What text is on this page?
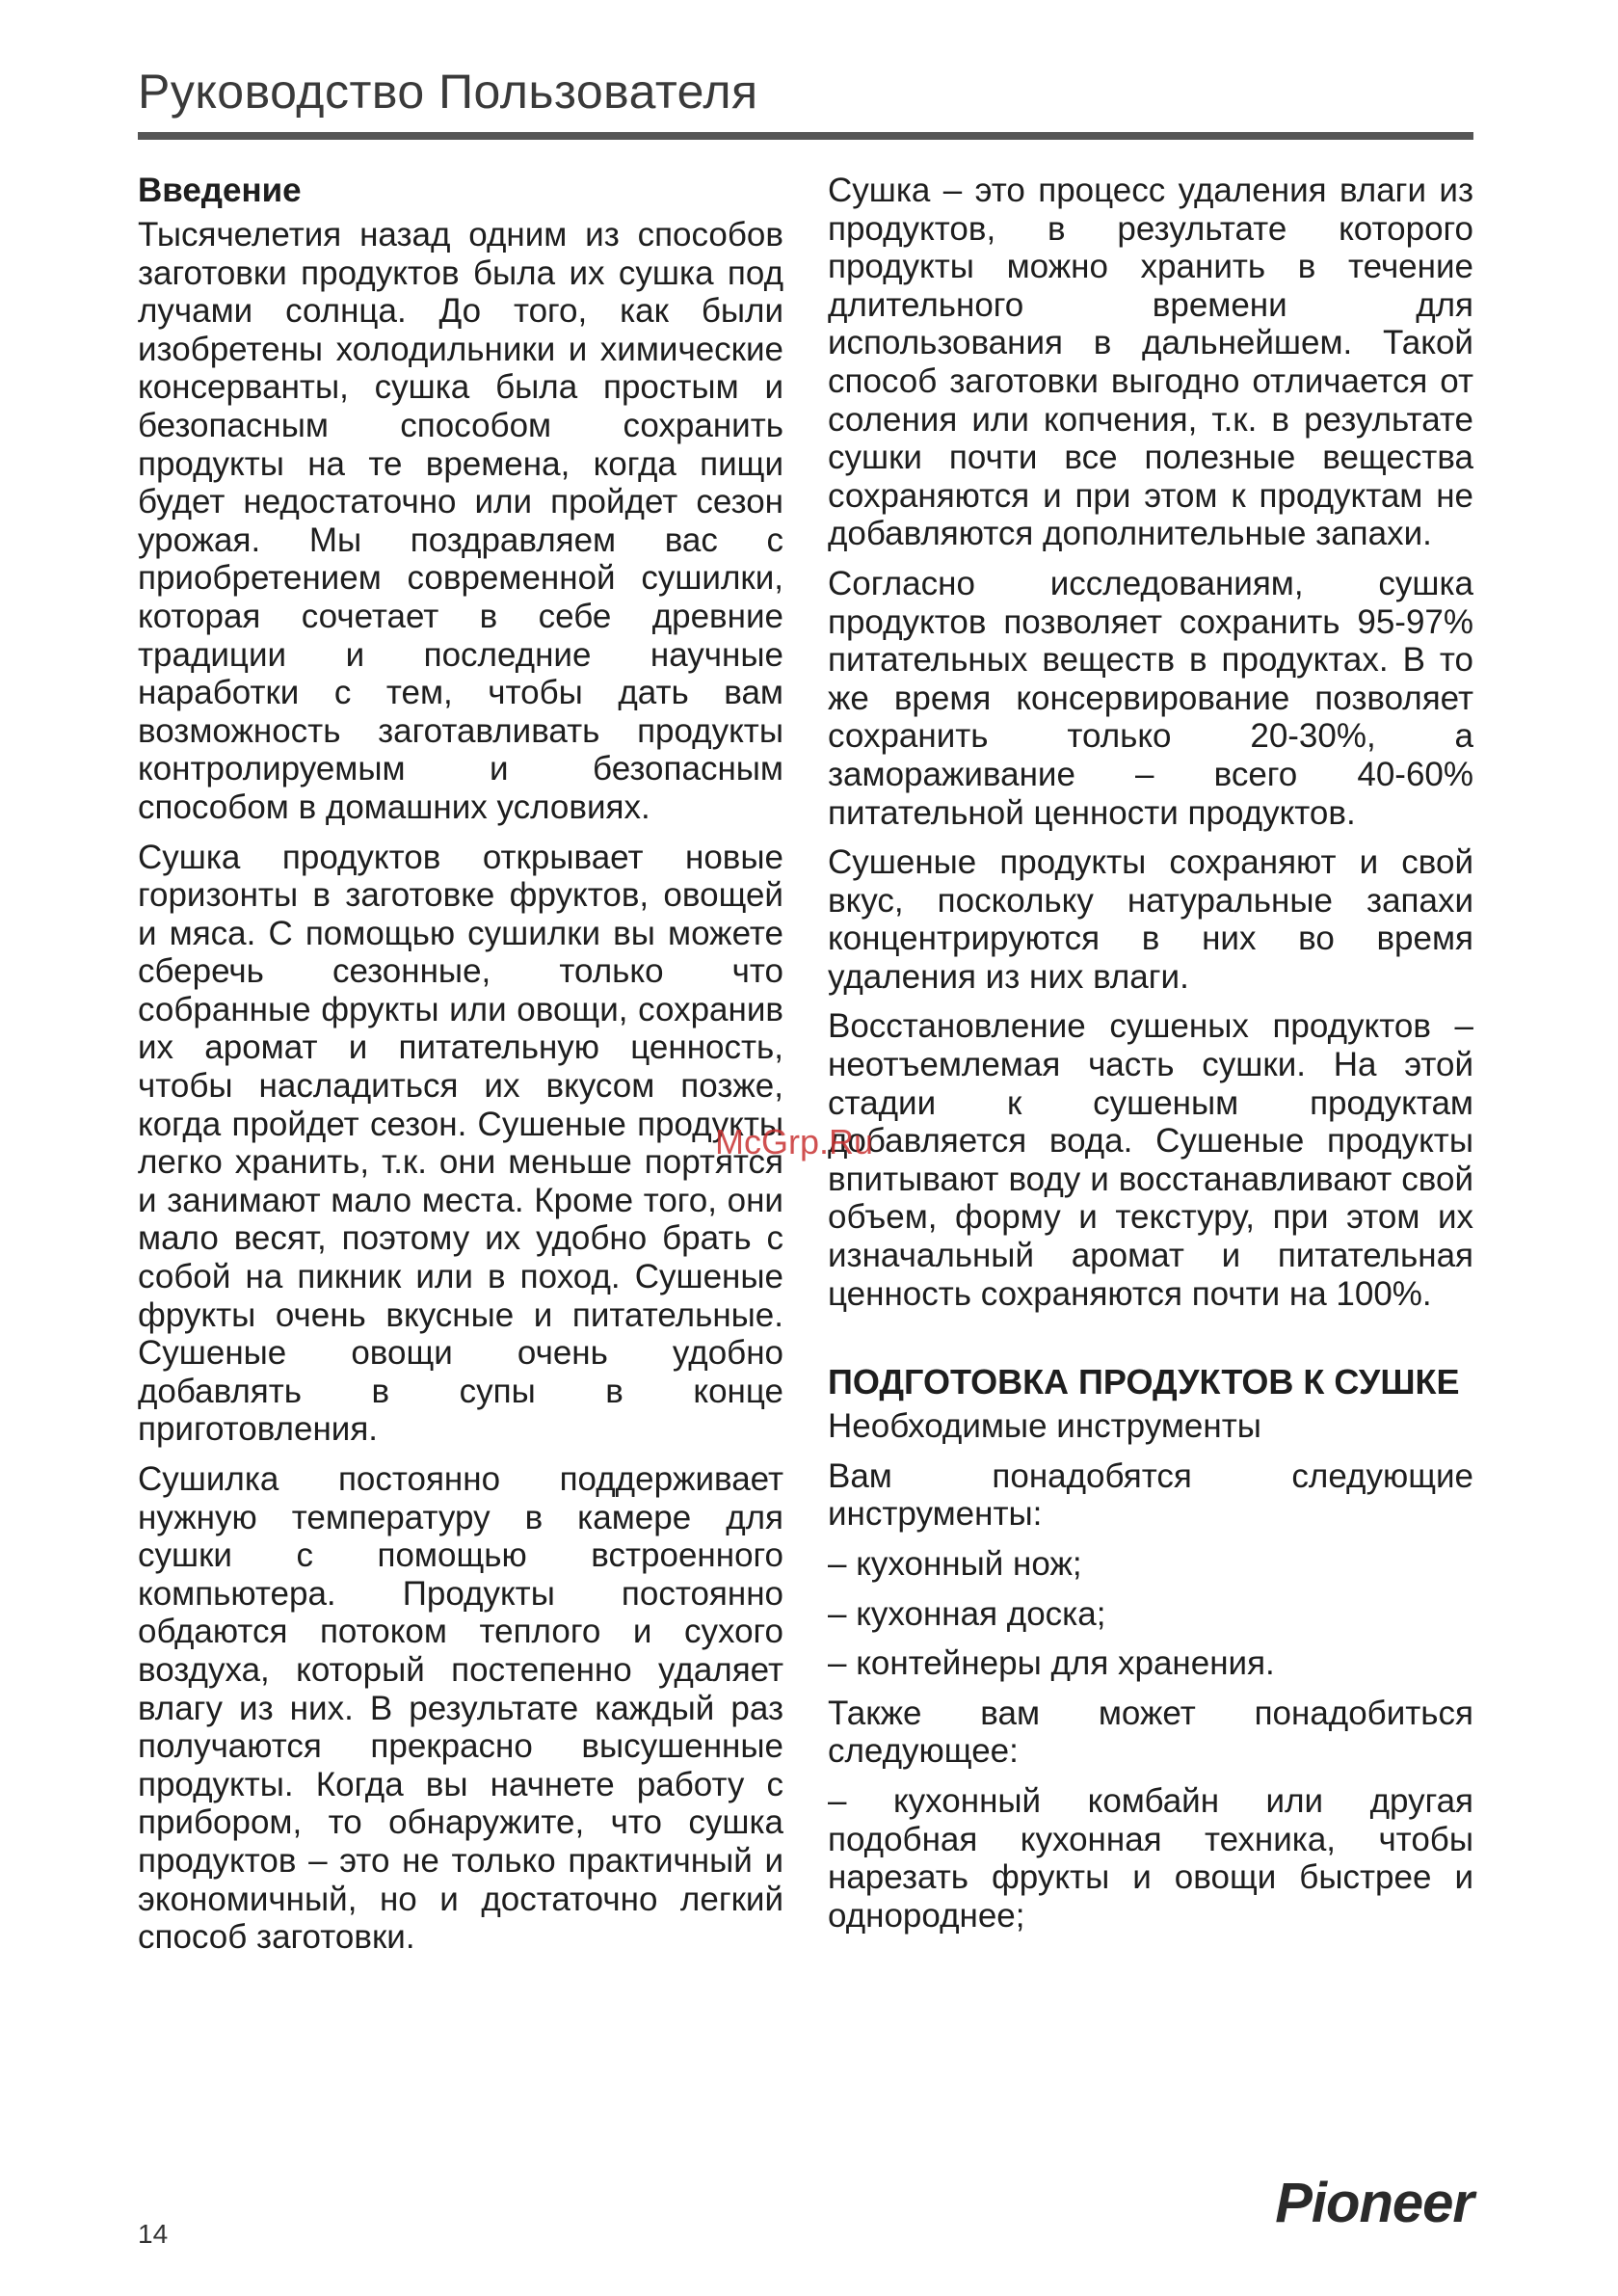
Руководство Пользователя
Введение

Тысячелетия назад одним из способов заготовки продуктов была их сушка под лучами солнца. До того, как были изобретены холодильники и химические консерванты, сушка была простым и безопасным способом сохранить продукты на те времена, когда пищи будет недостаточно или пройдет сезон урожая. Мы поздравляем вас с приобретением современной сушилки, которая сочетает в себе древние традиции и последние научные наработки с тем, чтобы дать вам возможность заготавливать продукты контролируемым и безопасным способом в домашних условиях.

Сушка продуктов открывает новые горизонты в заготовке фруктов, овощей и мяса. С помощью сушилки вы можете сберечь сезонные, только что собранные фрукты или овощи, сохранив их аромат и питательную ценность, чтобы насладиться их вкусом позже, когда пройдет сезон. Сушеные продукты легко хранить, т.к. они меньше портятся и занимают мало места. Кроме того, они мало весят, поэтому их удобно брать с собой на пикник или в поход. Сушеные фрукты очень вкусные и питательные. Сушеные овощи очень удобно добавлять в супы в конце приготовления.

Сушилка постоянно поддерживает нужную температуру в камере для сушки с помощью встроенного компьютера. Продукты постоянно обдаются потоком теплого и сухого воздуха, который постепенно удаляет влагу из них. В результате каждый раз получаются прекрасно высушенные продукты. Когда вы начнете работу с прибором, то обнаружите, что сушка продуктов – это не только практичный и экономичный, но и достаточно легкий способ заготовки.

Сушка – это процесс удаления влаги из продуктов, в результате которого продукты можно хранить в течение длительного времени для использования в дальнейшем. Такой способ заготовки выгодно отличается от соления или копчения, т.к. в результате сушки почти все полезные вещества сохраняются и при этом к продуктам не добавляются дополнительные запахи.

Согласно исследованиям, сушка продуктов позволяет сохранить 95-97% питательных веществ в продуктах. В то же время консервирование позволяет сохранить только 20-30%, а замораживание – всего 40-60% питательной ценности продуктов.

Сушеные продукты сохраняют и свой вкус, поскольку натуральные запахи концентрируются в них во время удаления из них влаги.

Восстановление сушеных продуктов – неотъемлемая часть сушки. На этой стадии к сушеным продуктам добавляется вода. Сушеные продукты впитывают воду и восстанавливают свой объем, форму и текстуру, при этом их изначальный аромат и питательная ценность сохраняются почти на 100%.

ПОДГОТОВКА ПРОДУКТОВ К СУШКЕ

Необходимые инструменты

Вам понадобятся следующие инструменты:

– кухонный нож;
– кухонная доска;
– контейнеры для хранения.

Также вам может понадобиться следующее:

– кухонный комбайн или другая подобная кухонная техника, чтобы нарезать фрукты и овощи быстрее и однороднее;
McGrp.Ru
Pioneer
14
